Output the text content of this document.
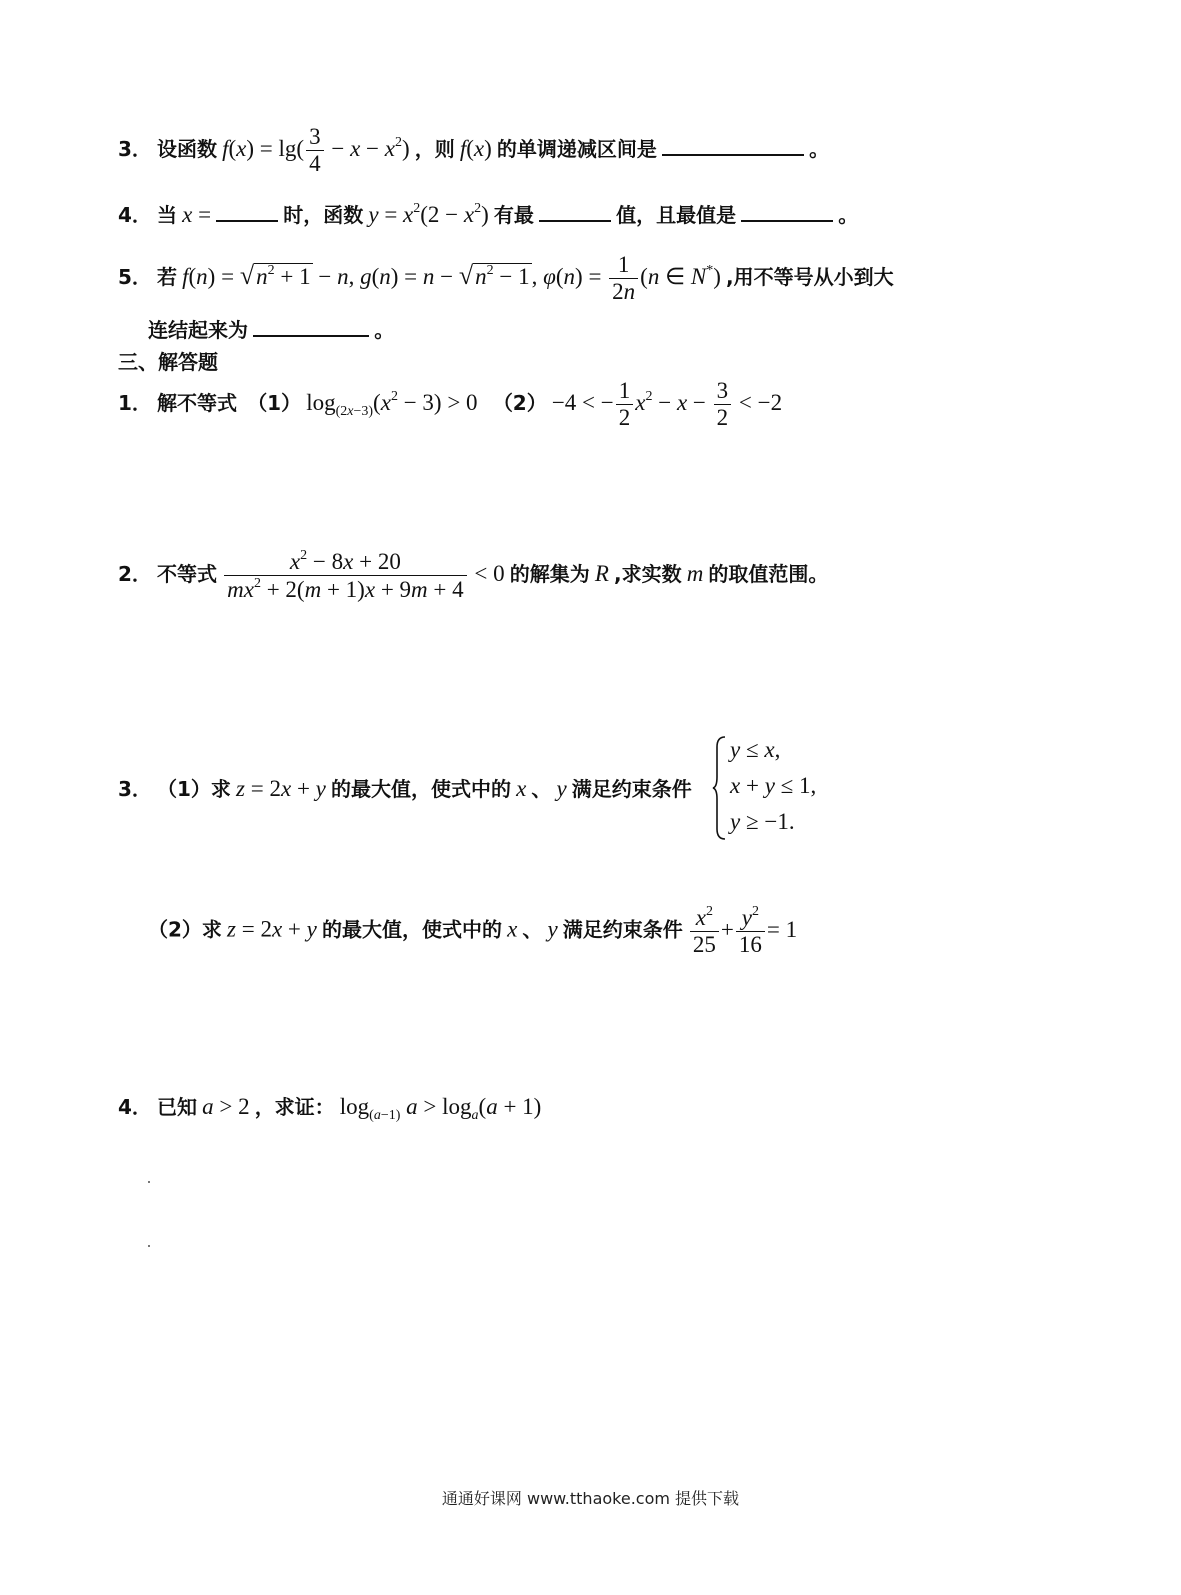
3． 设函数 $f(x) = \lg( \frac{3}{4} - x - x^2)$ ，则 f(x) 的单调递减区间是	。
4． 当 x =	时，函数 $y = x^2(2 - x^2)$ 有最	值，且最值是	。
5． 若 $f(n) = √n^2 + 1 - n$, $g(n) = n - √n^2 - 1$, $\varphi(n) = \frac{1}{2n} (n$ ∈ N*) ,用不等号从小到大
连结起来为	。
三、解答题
1． 解不等式 （1） $\log_{(2x-3)}(x^2 - 3) > 0$ （2） −4 < − $\frac{1}{2} x^2 - x - \frac{3}{2} < -2$
2． 不等式 $\frac{x^2 - 8x + 20}{mx^2 + 2(m + 1)x + 9m + 4} < 0$ 的解集为 R ,求实数 m 的取值范围。
3． （1）求 z = 2x + y 的最大值，使式中的 x 、 y 满足约束条件
y ≤ x,
x + y ≤ 1,
y ≥ −1.
（2）求 z = 2x + y 的最大值，使式中的 x 、 y 满足约束条件 $\frac{x^2}{25} + \frac{y^2}{16} = 1$
4． 已知 a > 2 ，求证： $\log_{(a-1)} a > \log_a(a + 1)$
通通好课网 www.tthaoke.com 提供下载
